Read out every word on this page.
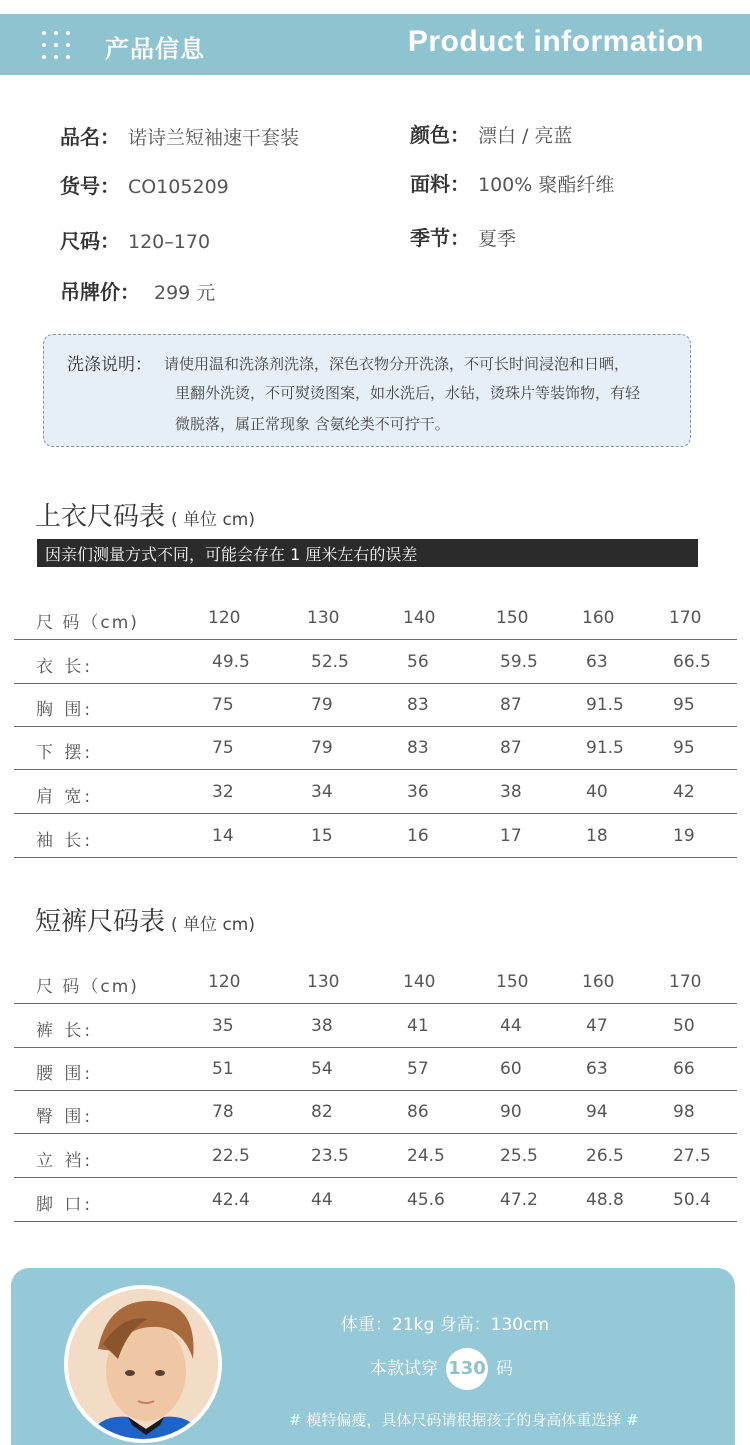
产品信息	Product information
品名： 诺诗兰短袖速干套装	颜色： 漂白 / 亮蓝
货号： CO105209	面料： 100% 聚酯纤维
尺码： 120–170	季节： 夏季
吊牌价： 299 元
洗涤说明： 请使用温和洗涤剂洗涤，深色衣物分开洗涤，不可长时间浸泡和日晒，
里翻外洗烫，不可熨烫图案，如水洗后，水钻，烫珠片等装饰物，有轻
微脱落，属正常现象 含氨纶类不可拧干。
上衣尺码表 ( 单位 cm)
因亲们测量方式不同，可能会存在 1 厘米左右的误差
尺 码（cm)	120	130	140	150	160	170
衣 长:	49.5	52.5	56	59.5	63	66.5
胸 围:	75	79	83	87	91.5	95
下 摆:	75	79	83	87	91.5	95
肩 宽:	32	34	36	38	40	42
袖 长:	14	15	16	17	18	19
短裤尺码表 ( 单位 cm)
尺 码（cm)	120	130	140	150	160	170
裤 长:	35	38	41	44	47	50
腰 围:	51	54	57	60	63	66
臀 围:	78	82	86	90	94	98
立 裆:	22.5	23.5	24.5	25.5	26.5	27.5
脚 口:	42.4	44	45.6	47.2	48.8	50.4
体重：21kg 身高：130cm
本款试穿 130 码
# 模特偏瘦，具体尺码请根据孩子的身高体重选择 #
